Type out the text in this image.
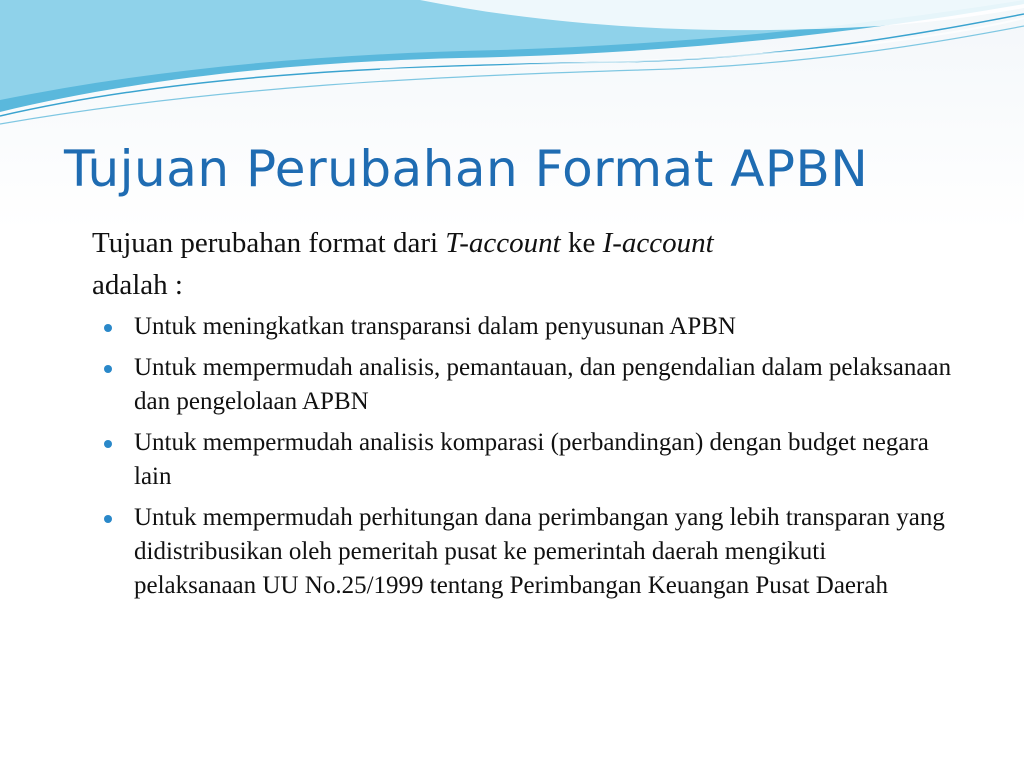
Tujuan Perubahan Format APBN
Tujuan perubahan format dari T-account ke I-account
adalah :
Untuk meningkatkan transparansi dalam penyusunan APBN
Untuk mempermudah analisis, pemantauan, dan pengendalian dalam pelaksanaan dan pengelolaan APBN
Untuk mempermudah analisis komparasi (perbandingan) dengan budget negara lain
Untuk mempermudah perhitungan dana perimbangan yang lebih transparan yang didistribusikan oleh pemeritah pusat ke pemerintah daerah mengikuti pelaksanaan UU No.25/1999 tentang Perimbangan Keuangan Pusat Daerah
